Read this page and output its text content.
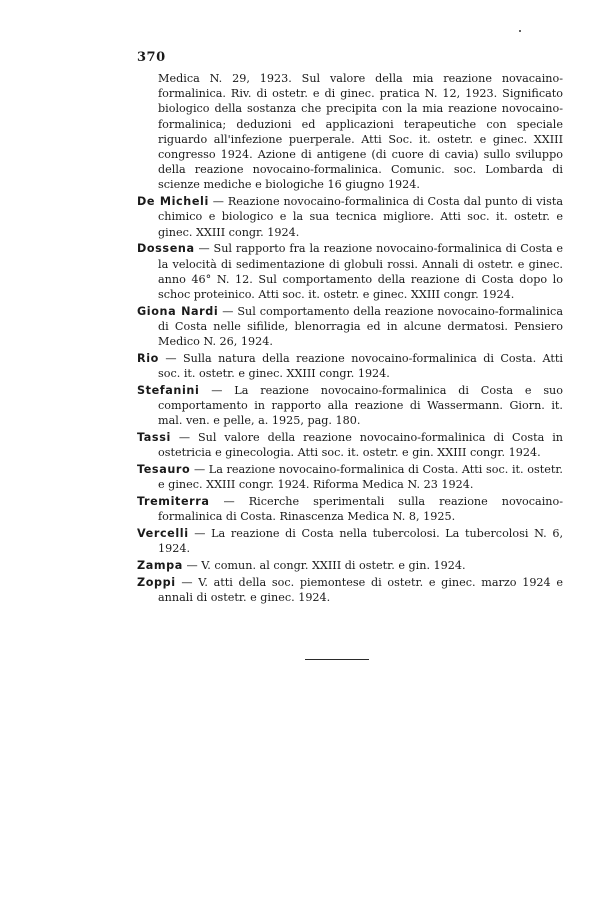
370

Medica N. 29, 1923. Sul valore della mia reazione novacaino-formalinica. Riv. di ostetr. e di ginec. pratica N. 12, 1923. Significato biologico della sostanza che precipita con la mia reazione novocaino-formalinica; deduzioni ed applicazioni terapeutiche con speciale riguardo all'infezione puerperale. Atti Soc. it. ostetr. e ginec. XXIII congresso 1924. Azione di antigene (di cuore di cavia) sullo sviluppo della reazione novocaino-formalinica. Comunic. soc. Lombarda di scienze mediche e biologiche 16 giugno 1924.

De Micheli — Reazione novocaino-formalinica di Costa dal punto di vista chimico e biologico e la sua tecnica migliore. Atti soc. it. ostetr. e ginec. XXIII congr. 1924.

Dossena — Sul rapporto fra la reazione novocaino-formalinica di Costa e la velocità di sedimentazione di globuli rossi. Annali di ostetr. e ginec. anno 46° N. 12. Sul comportamento della reazione di Costa dopo lo schoc proteinico. Atti soc. it. ostetr. e ginec. XXIII congr. 1924.

Giona Nardi — Sul comportamento della reazione novocaino-formalinica di Costa nelle sifilide, blenorragia ed in alcune dermatosi. Pensiero Medico N. 26, 1924.

Rio — Sulla natura della reazione novocaino-formalinica di Costa. Atti soc. it. ostetr. e ginec. XXIII congr. 1924.

Stefanini — La reazione novocaino-formalinica di Costa e suo comportamento in rapporto alla reazione di Wassermann. Giorn. it. mal. ven. e pelle, a. 1925, pag. 180.

Tassi — Sul valore della reazione novocaino-formalinica di Costa in ostetricia e ginecologia. Atti soc. it. ostetr. e gin. XXIII congr. 1924.

Tesauro — La reazione novocaino-formalinica di Costa. Atti soc. it. ostetr. e ginec. XXIII congr. 1924. Riforma Medica N. 23 1924.

Tremiterra — Ricerche sperimentali sulla reazione novocaino-formalinica di Costa. Rinascenza Medica N. 8, 1925.

Vercelli — La reazione di Costa nella tubercolosi. La tubercolosi N. 6, 1924.

Zampa — V. comun. al congr. XXIII di ostetr. e gin. 1924.

Zoppi — V. atti della soc. piemontese di ostetr. e ginec. marzo 1924 e annali di ostetr. e ginec. 1924.
